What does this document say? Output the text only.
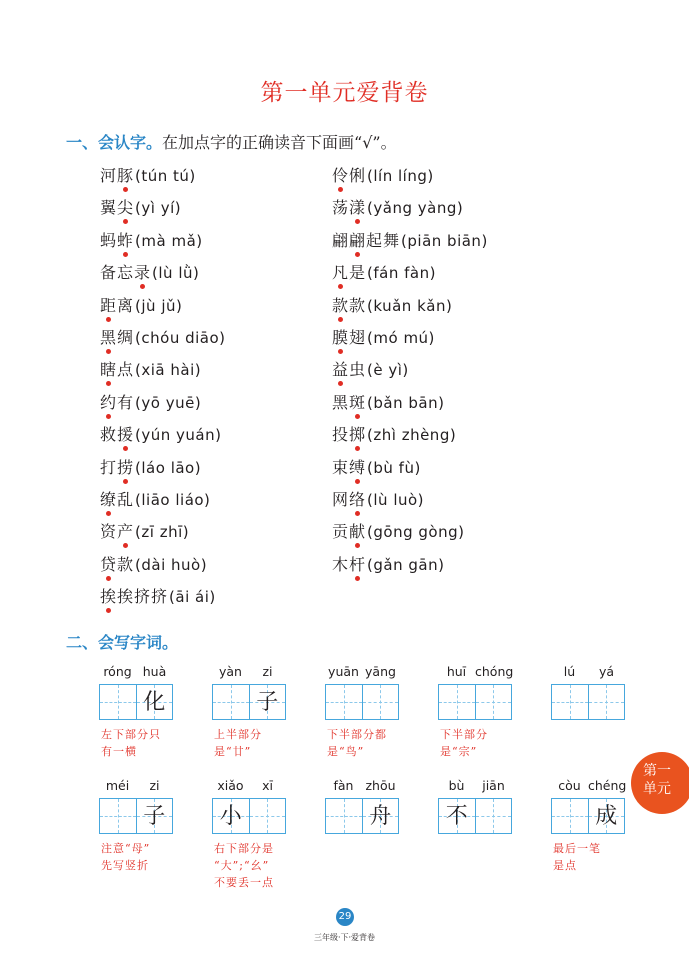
第一单元爱背卷
一、会认字。在加点字的正确读音下面画“√”。
河豚(tún tú)
翼尖(yì yí)
蚂蚱(mà mǎ)
备忘录(lù lǜ)
距离(jù jǔ)
黑绸(chóu diāo)
瞎点(xiā hài)
约有(yō yuē)
救援(yún yuán)
打捞(láo lāo)
缭乱(liāo liáo)
资产(zī zhī)
贷款(dài huò)
挨挨挤挤(āi ái)
伶俐(lín líng)
荡漾(yǎng yàng)
翩翩起舞(piān biān)
凡是(fán fàn)
款款(kuǎn kǎn)
膜翅(mó mú)
益虫(è yì)
黑斑(bǎn bān)
投掷(zhì zhèng)
束缚(bù fù)
网络(lù luò)
贡献(gōng gòng)
木杆(gǎn gān)
二、会写字词。
róng huà
化
左下部分只
有一横
yàn	zi
子
上半部分
是“廿”
yuān yāng
下半部分都
是“鸟”
huī chóng
下半部分
是“宗”
lú	yá
méi	zi
子
注意“母”
先写竖折
xiǎo	xī
小
右下部分是
“大”;“幺”
不要丢一点
fàn zhōu
舟
bù	jiān
不
còu chéng
成
最后一笔
是点
第一
单元
29
三年级·下·爱背卷
